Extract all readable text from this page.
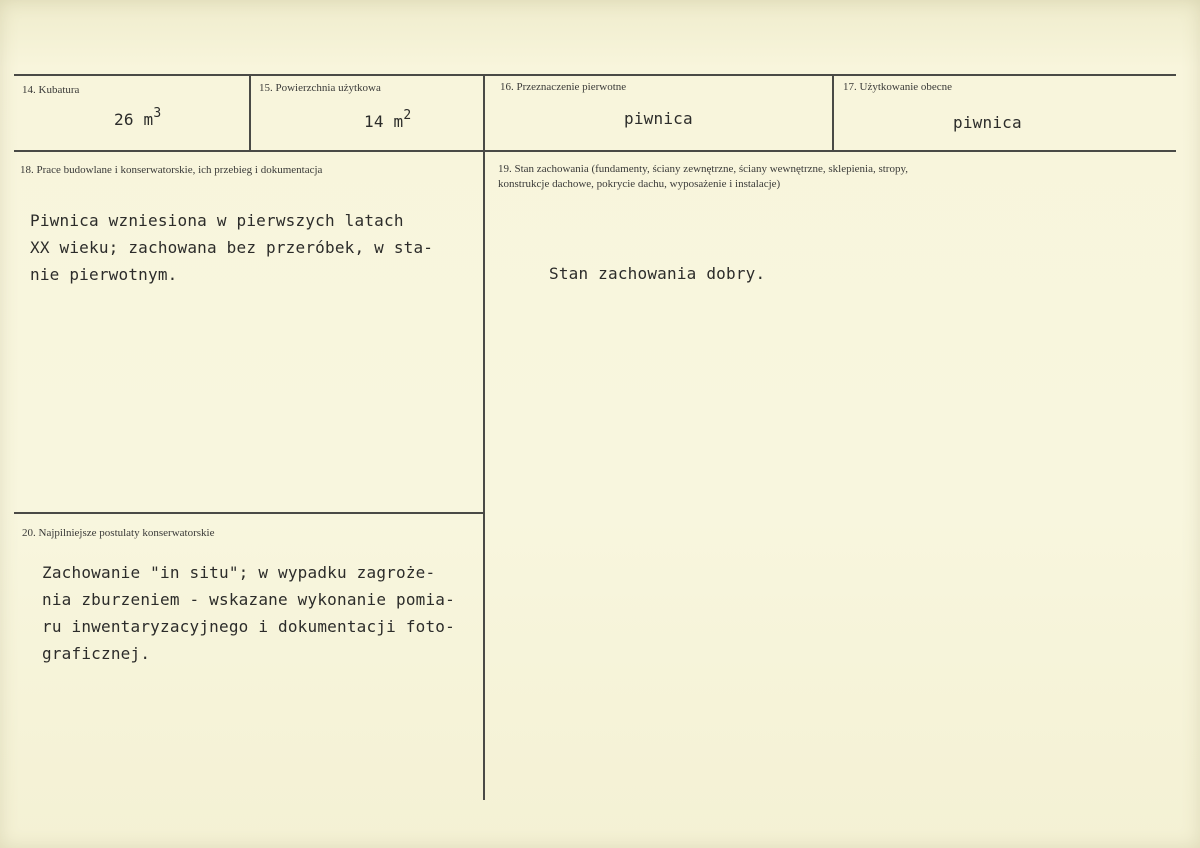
14. Kubatura
26 $m^3$
15. Powierzchnia użytkowa
14 $m^2$
16. Przeznaczenie pierwotne
piwnica
17. Użytkowanie obecne
piwnica
18. Prace budowlane i konserwatorskie, ich przebieg i dokumentacja
Piwnica wzniesiona w pierwszych latach
XX wieku; zachowana bez przeróbek, w sta-
nie pierwotnym.
19. Stan zachowania (fundamenty, ściany zewnętrzne, ściany wewnętrzne, sklepienia, stropy,
konstrukcje dachowe, pokrycie dachu, wyposażenie i instalacje)
Stan zachowania dobry.
20. Najpilniejsze postulaty konserwatorskie
Zachowanie "in situ"; w wypadku zagroże-
nia zburzeniem - wskazane wykonanie pomia-
ru inwentaryzacyjnego i dokumentacji foto-
graficznej.
